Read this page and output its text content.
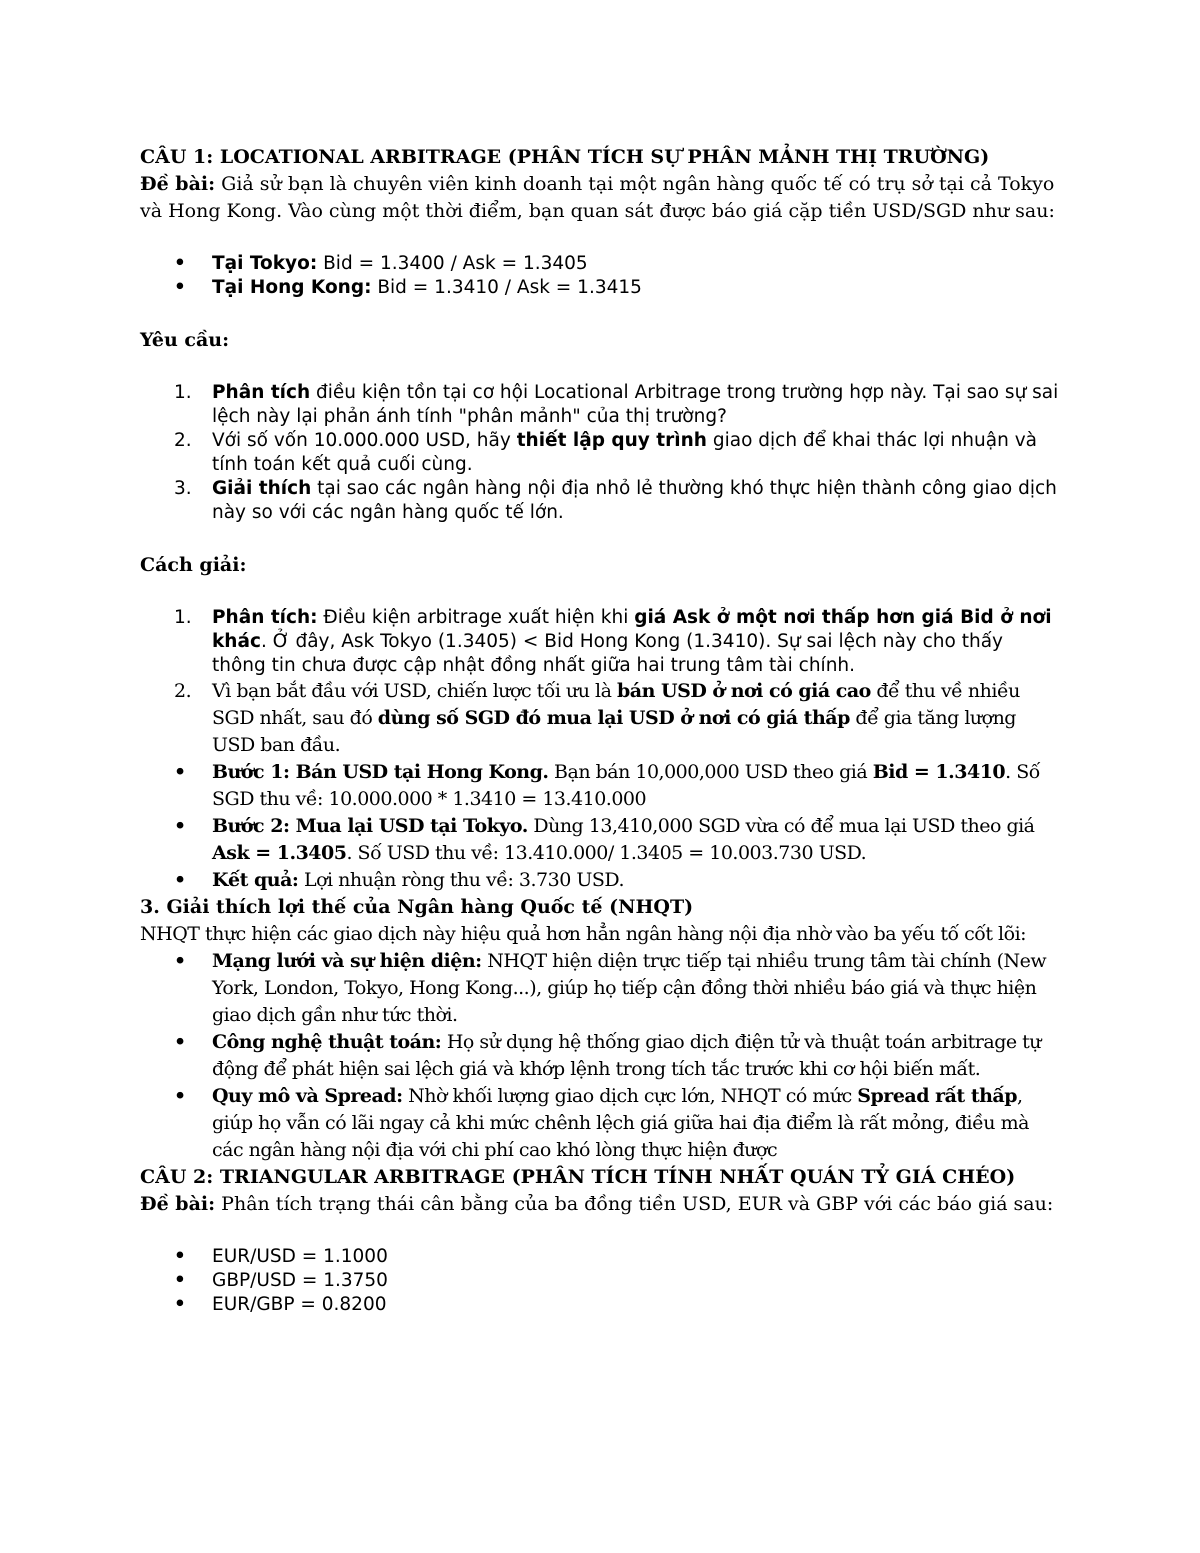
CÂU 1: LOCATIONAL ARBITRAGE (PHÂN TÍCH SỰ PHÂN MẢNH THỊ TRƯỜNG)

Đề bài: Giả sử bạn là chuyên viên kinh doanh tại một ngân hàng quốc tế có trụ sở tại cả Tokyo và Hong Kong. Vào cùng một thời điểm, bạn quan sát được báo giá cặp tiền USD/SGD như sau:

• Tại Tokyo: Bid = 1.3400 / Ask = 1.3405
• Tại Hong Kong: Bid = 1.3410 / Ask = 1.3415

Yêu cầu:

1. Phân tích điều kiện tồn tại cơ hội Locational Arbitrage trong trường hợp này. Tại sao sự sai lệch này lại phản ánh tính "phân mảnh" của thị trường?
2. Với số vốn 10.000.000 USD, hãy thiết lập quy trình giao dịch để khai thác lợi nhuận và tính toán kết quả cuối cùng.
3. Giải thích tại sao các ngân hàng nội địa nhỏ lẻ thường khó thực hiện thành công giao dịch này so với các ngân hàng quốc tế lớn.

Cách giải:

1. Phân tích: Điều kiện arbitrage xuất hiện khi giá Ask ở một nơi thấp hơn giá Bid ở nơi khác. Ở đây, Ask Tokyo (1.3405) < Bid Hong Kong (1.3410). Sự sai lệch này cho thấy thông tin chưa được cập nhật đồng nhất giữa hai trung tâm tài chính.
2. Vì bạn bắt đầu với USD, chiến lược tối ưu là bán USD ở nơi có giá cao để thu về nhiều SGD nhất, sau đó dùng số SGD đó mua lại USD ở nơi có giá thấp để gia tăng lượng USD ban đầu.
• Bước 1: Bán USD tại Hong Kong. Bạn bán 10,000,000 USD theo giá Bid = 1.3410. Số SGD thu về: 10.000.000 * 1.3410 = 13.410.000
• Bước 2: Mua lại USD tại Tokyo. Dùng 13,410,000 SGD vừa có để mua lại USD theo giá Ask = 1.3405. Số USD thu về: 13.410.000/ 1.3405 = 10.003.730 USD.
• Kết quả: Lợi nhuận ròng thu về: 3.730 USD.

3. Giải thích lợi thế của Ngân hàng Quốc tế (NHQT)

NHQT thực hiện các giao dịch này hiệu quả hơn hẳn ngân hàng nội địa nhờ vào ba yếu tố cốt lõi:

• Mạng lưới và sự hiện diện: NHQT hiện diện trực tiếp tại nhiều trung tâm tài chính (New York, London, Tokyo, Hong Kong...), giúp họ tiếp cận đồng thời nhiều báo giá và thực hiện giao dịch gần như tức thời.
• Công nghệ thuật toán: Họ sử dụng hệ thống giao dịch điện tử và thuật toán arbitrage tự động để phát hiện sai lệch giá và khớp lệnh trong tích tắc trước khi cơ hội biến mất.
• Quy mô và Spread: Nhờ khối lượng giao dịch cực lớn, NHQT có mức Spread rất thấp, giúp họ vẫn có lãi ngay cả khi mức chênh lệch giá giữa hai địa điểm là rất mỏng, điều mà các ngân hàng nội địa với chi phí cao khó lòng thực hiện được

CÂU 2: TRIANGULAR ARBITRAGE (PHÂN TÍCH TÍNH NHẤT QUÁN TỶ GIÁ CHÉO)

Đề bài: Phân tích trạng thái cân bằng của ba đồng tiền USD, EUR và GBP với các báo giá sau:

• EUR/USD = 1.1000
• GBP/USD = 1.3750
• EUR/GBP = 0.8200
